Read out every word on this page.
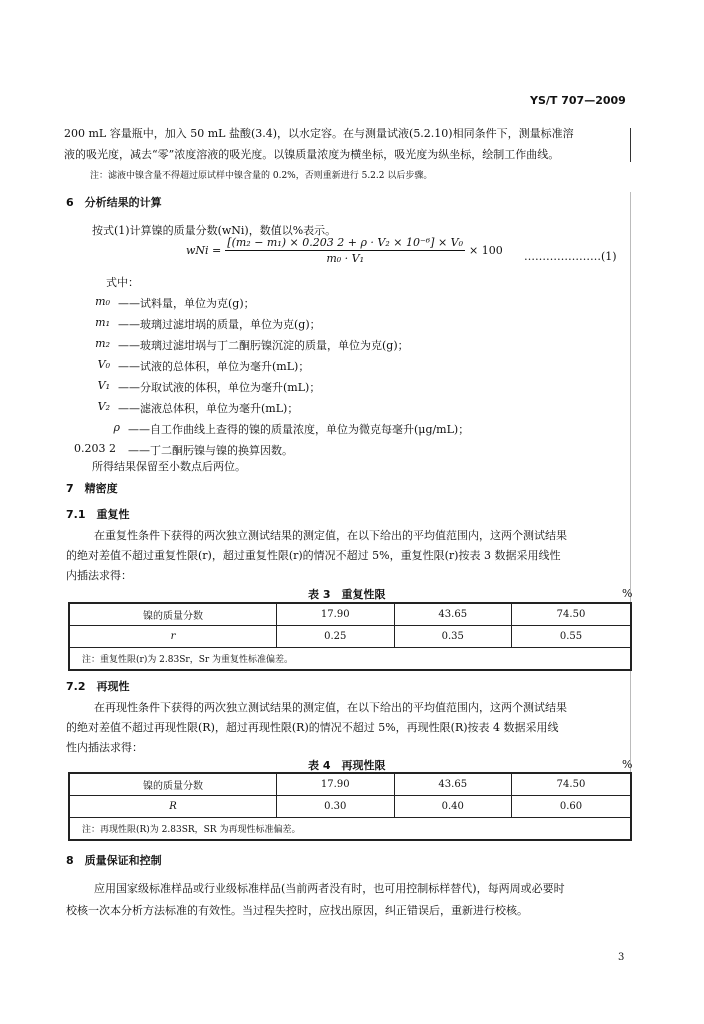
YS/T 707—2009
200 mL 容量瓶中，加入 50 mL 盐酸(3.4)，以水定容。在与测量试液(5.2.10)相同条件下，测量标准溶
液的吸光度，减去“零”浓度溶液的吸光度。以镍质量浓度为横坐标，吸光度为纵坐标，绘制工作曲线。
注：滤液中镍含量不得超过原试样中镍含量的 0.2%，否则重新进行 5.2.2 以后步骤。
6　分析结果的计算
按式(1)计算镍的质量分数(wNi)，数值以%表示。
wNi = $\frac{\text{[(m₂ − m₁) × 0.203 2 + ρ · V₂ × 10⁻⁶] × V₀}}{\text{m₀ · V₁}} \times 100$ …………………(1)
式中：
m₀ ——试料量，单位为克(g)；
m₁ ——玻璃过滤坩埚的质量，单位为克(g)；
m₂ ——玻璃过滤坩埚与丁二酮肟镍沉淀的质量，单位为克(g)；
V₀ ——试液的总体积，单位为毫升(mL)；
V₁ ——分取试液的体积，单位为毫升(mL)；
V₂ ——滤液总体积，单位为毫升(mL)；
ρ ——自工作曲线上查得的镍的质量浓度，单位为微克每毫升(μg/mL)；
0.203 2 ——丁二酮肟镍与镍的换算因数。
所得结果保留至小数点后两位。
7　精密度
7.1　重复性
在重复性条件下获得的两次独立测试结果的测定值，在以下给出的平均值范围内，这两个测试结果
的绝对差值不超过重复性限(r)，超过重复性限(r)的情况不超过 5%，重复性限(r)按表 3 数据采用线性
内插法求得：
表 3　重复性限	%
镍的质量分数	17.90	43.65	74.50
r	0.25	0.35	0.55
注：重复性限(r)为 2.83Sr，Sr 为重复性标准偏差。			
7.2　再现性
在再现性条件下获得的两次独立测试结果的测定值，在以下给出的平均值范围内，这两个测试结果
的绝对差值不超过再现性限(R)，超过再现性限(R)的情况不超过 5%，再现性限(R)按表 4 数据采用线
性内插法求得：
表 4　再现性限	%
镍的质量分数	17.90	43.65	74.50
R	0.30	0.40	0.60
注：再现性限(R)为 2.83SR，SR 为再现性标准偏差。			
8　质量保证和控制
应用国家级标准样品或行业级标准样品(当前两者没有时，也可用控制标样替代)，每两周或必要时
校核一次本分析方法标准的有效性。当过程失控时，应找出原因，纠正错误后，重新进行校核。
3
